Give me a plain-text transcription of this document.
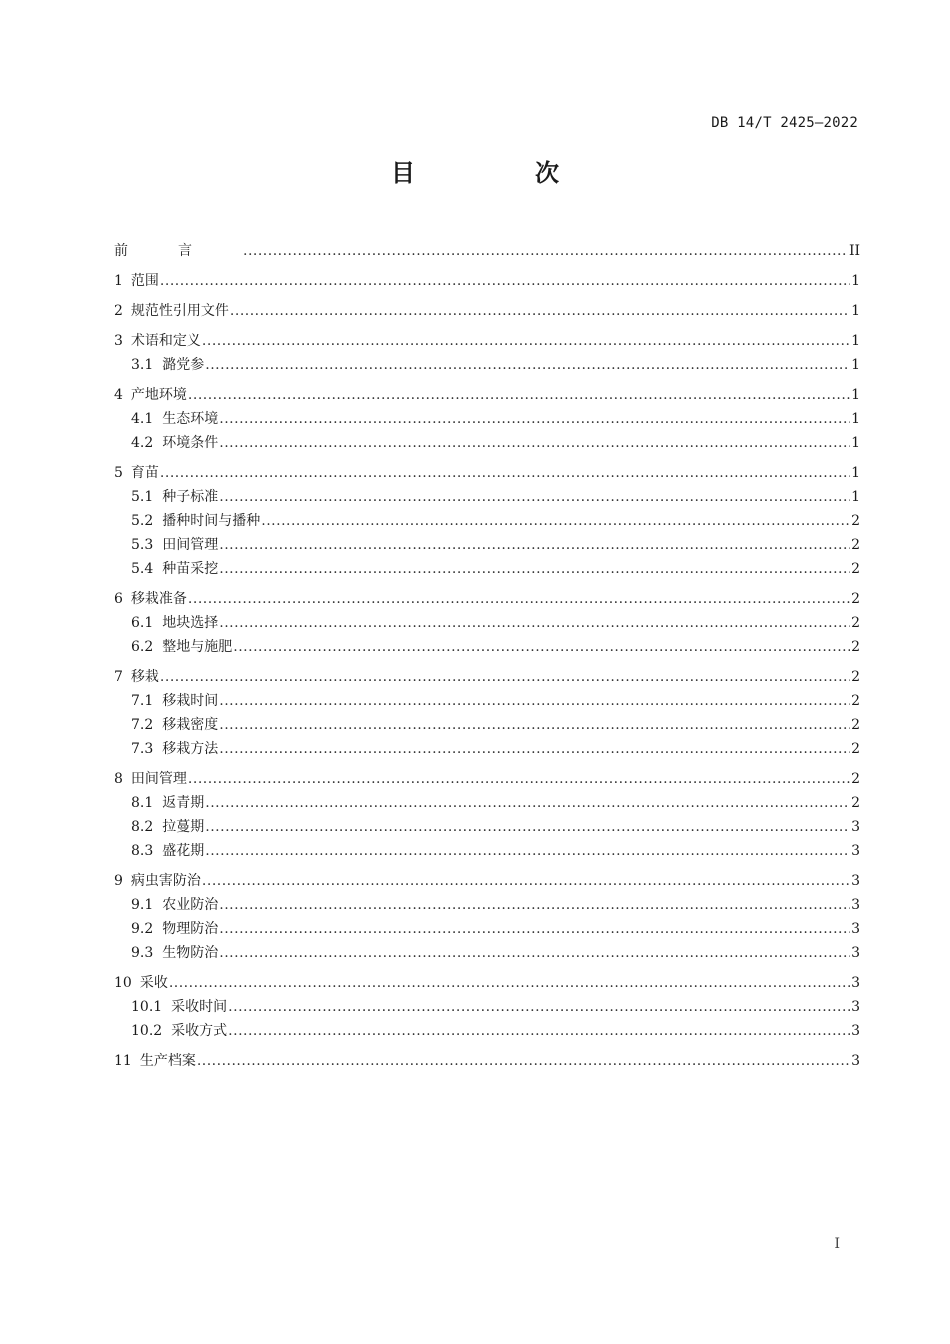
DB 14/T 2425—2022
目　次
前言 .....	II
1 范围 .....	1
2 规范性引用文件 .....	1
3 术语和定义 .....	1
3.1 潞党参 .....	1
4 产地环境 .....	1
4.1 生态环境 .....	1
4.2 环境条件 .....	1
5 育苗 .....	1
5.1 种子标准 .....	1
5.2 播种时间与播种 .....	2
5.3 田间管理 .....	2
5.4 种苗采挖 .....	2
6 移栽准备 .....	2
6.1 地块选择 .....	2
6.2 整地与施肥 .....	2
7 移栽 .....	2
7.1 移栽时间 .....	2
7.2 移栽密度 .....	2
7.3 移栽方法 .....	2
8 田间管理 .....	2
8.1 返青期 .....	2
8.2 拉蔓期 .....	3
8.3 盛花期 .....	3
9 病虫害防治 .....	3
9.1 农业防治 .....	3
9.2 物理防治 .....	3
9.3 生物防治 .....	3
10 采收 .....	3
10.1 采收时间 .....	3
10.2 采收方式 .....	3
11 生产档案 .....	3
I
